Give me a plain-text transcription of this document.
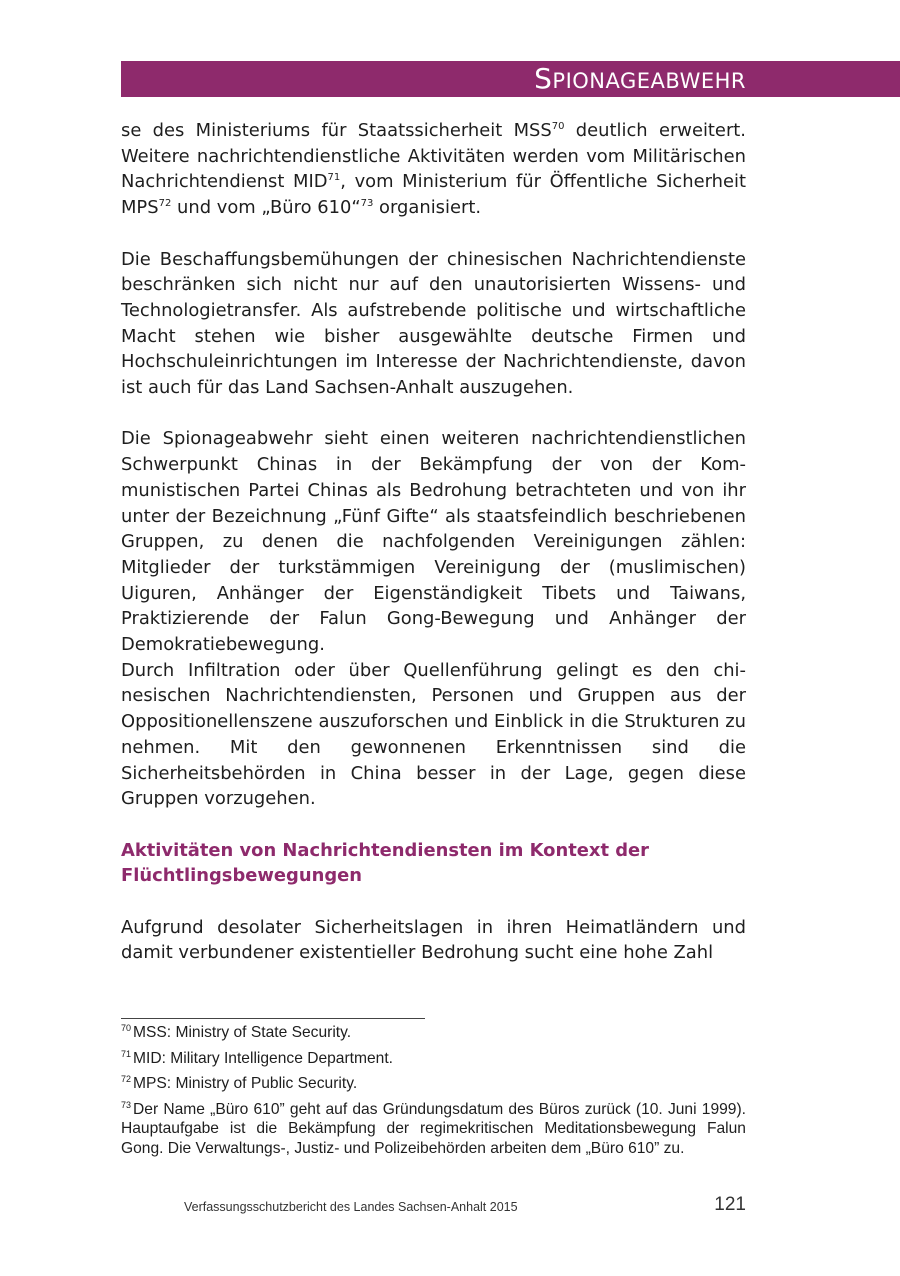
SPIONAGEABWEHR

se des Ministeriums für Staatssicherheit MSS$^{70}$ deutlich erweitert. Weitere nachrichtendienstliche Aktivitäten werden vom Militärischen Nachrichtendienst MID$^{71}$, vom Ministerium für Öffentliche Sicherheit MPS$^{72}$ und vom „Büro 610“$^{73}$ organisiert.

Die Beschaffungsbemühungen der chinesischen Nachrichtendienste beschränken sich nicht nur auf den unautorisierten Wissens- und Technologietransfer. Als aufstrebende politische und wirtschaftliche Macht stehen wie bisher ausgewählte deutsche Firmen und Hochschuleinrichtungen im Interesse der Nachrichtendienste, davon ist auch für das Land Sachsen-Anhalt auszugehen.

Die Spionageabwehr sieht einen weiteren nachrichtendienstlichen Schwerpunkt Chinas in der Bekämpfung der von der Kommunistischen Partei Chinas als Bedrohung betrachteten und von ihr unter der Bezeichnung „Fünf Gifte“ als staatsfeindlich beschriebenen Gruppen, zu denen die nachfolgenden Vereinigungen zählen: Mitglieder der turkstämmigen Vereinigung der (muslimischen) Uiguren, Anhänger der Eigenständigkeit Tibets und Taiwans, Praktizierende der Falun Gong-Bewegung und Anhänger der Demokratiebewegung.

Durch Infiltration oder über Quellenführung gelingt es den chinesischen Nachrichtendiensten, Personen und Gruppen aus der Oppositionellenszene auszuforschen und Einblick in die Strukturen zu nehmen. Mit den gewonnenen Erkenntnissen sind die Sicherheitsbehörden in China besser in der Lage, gegen diese Gruppen vorzugehen.

Aktivitäten von Nachrichtendiensten im Kontext der
Flüchtlingsbewegungen

Aufgrund desolater Sicherheitslagen in ihren Heimatländern und damit verbundener existentieller Bedrohung sucht eine hohe Zahl

$^{70}$ MSS: Ministry of State Security.

$^{71}$ MID: Military Intelligence Department.

$^{72}$ MPS: Ministry of Public Security.

$^{73}$ Der Name „Büro 610” geht auf das Gründungsdatum des Büros zurück (10. Juni 1999). Hauptaufgabe ist die Bekämpfung der regimekritischen Meditationsbewegung Falun Gong. Die Verwaltungs-, Justiz- und Polizeibehörden arbeiten dem „Büro 610” zu.

Verfassungsschutzbericht des Landes Sachsen-Anhalt 2015	121
